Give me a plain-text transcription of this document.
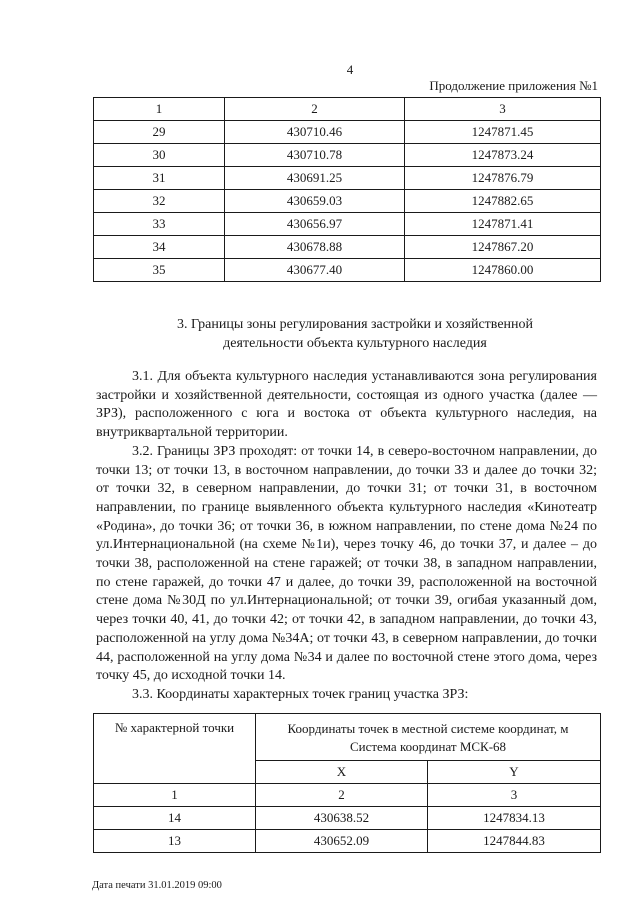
4
Продолжение приложения №1
1	2	3
29	430710.46	1247871.45
30	430710.78	1247873.24
31	430691.25	1247876.79
32	430659.03	1247882.65
33	430656.97	1247871.41
34	430678.88	1247867.20
35	430677.40	1247860.00
3. Границы зоны регулирования застройки и хозяйственной
деятельности объекта культурного наследия

3.1. Для объекта культурного наследия устанавливаются зона регулирования застройки и хозяйственной деятельности, состоящая из одного участка (далее — ЗРЗ), расположенного с юга и востока от объекта культурного наследия, на внутриквартальной территории.

3.2. Границы ЗРЗ проходят: от точки 14, в северо-восточном направлении, до точки 13; от точки 13, в восточном направлении, до точки 33 и далее до точки 32; от точки 32, в северном направлении, до точки 31; от точки 31, в восточном направлении, по границе выявленного объекта культурного наследия «Кинотеатр «Родина», до точки 36; от точки 36, в южном направлении, по стене дома №24 по ул.Интернациональной (на схеме №1и), через точку 46, до точки 37, и далее – до точки 38, расположенной на стене гаражей; от точки 38, в западном направлении, по стене гаражей, до точки 47 и далее, до точки 39, расположенной на восточной стене дома №30Д по ул.Интернациональной; от точки 39, огибая указанный дом, через точки 40, 41, до точки 42; от точки 42, в западном направлении, до точки 43, расположенной на углу дома №34А; от точки 43, в северном направлении, до точки 44, расположенной на углу дома №34 и далее по восточной стене этого дома, через точку 45, до исходной точки 14.

3.3. Координаты характерных точек границ участка ЗРЗ:

№ характерной точки	Координаты точек в местной системе координат, м
Система координат МСК-68	

	X	Y
1	2	3
14	430638.52	1247834.13
13	430652.09	1247844.83
Дата печати 31.01.2019 09:00
